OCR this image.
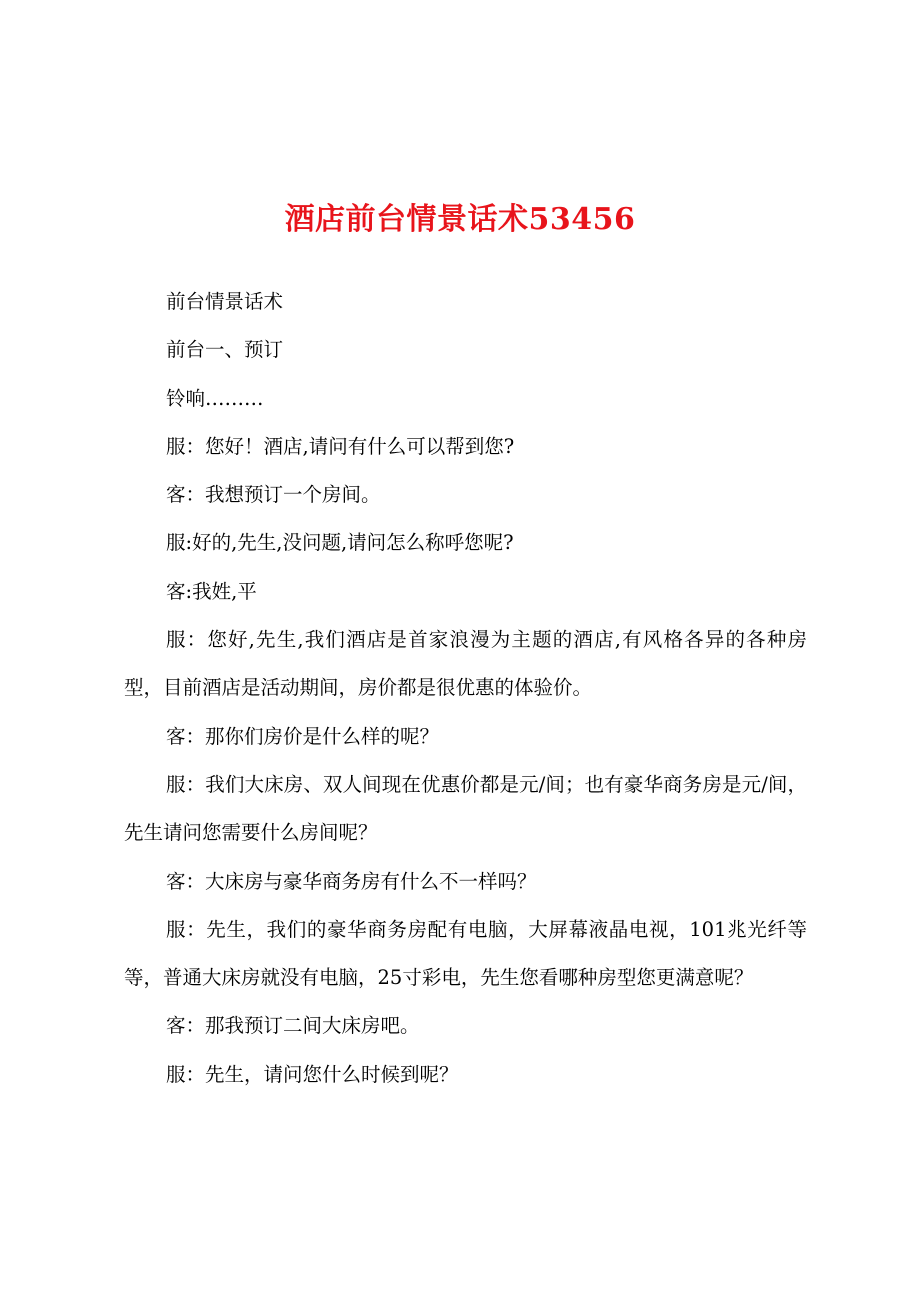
酒店前台情景话术53456

前台情景话术

前台一、预订

铃响………

服：您好！酒店,请问有什么可以帮到您?

客：我想预订一个房间。

服:好的,先生,没问题,请问怎么称呼您呢?

客:我姓,平

服：您好,先生,我们酒店是首家浪漫为主题的酒店,有风格各异的各种房型，目前酒店是活动期间，房价都是很优惠的体验价。

客：那你们房价是什么样的呢？

服：我们大床房、双人间现在优惠价都是元/间；也有豪华商务房是元/间，先生请问您需要什么房间呢？

客：大床房与豪华商务房有什么不一样吗？

服：先生，我们的豪华商务房配有电脑，大屏幕液晶电视，101兆光纤等等，普通大床房就没有电脑，25寸彩电，先生您看哪种房型您更满意呢？

客：那我预订二间大床房吧。

服：先生，请问您什么时候到呢？
